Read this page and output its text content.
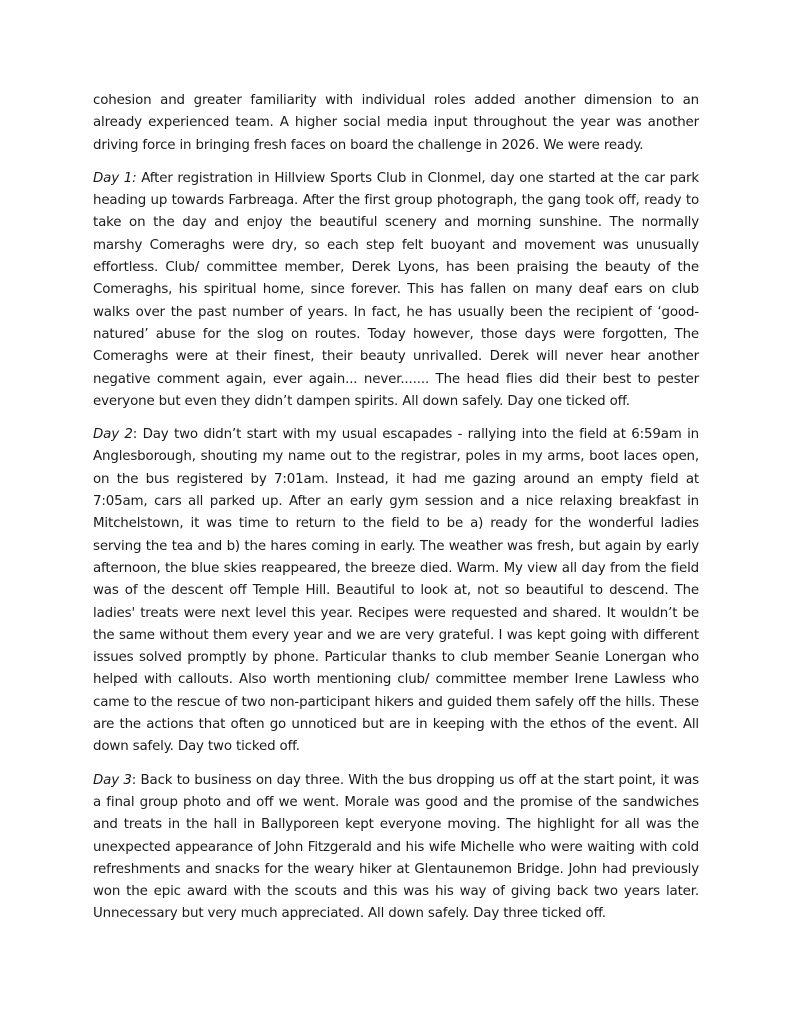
cohesion and greater familiarity with individual roles added another dimension to an already experienced team. A higher social media input throughout the year was another driving force in bringing fresh faces on board the challenge in 2026. We were ready.

Day 1: After registration in Hillview Sports Club in Clonmel, day one started at the car park heading up towards Farbreaga. After the first group photograph, the gang took off, ready to take on the day and enjoy the beautiful scenery and morning sunshine. The normally marshy Comeraghs were dry, so each step felt buoyant and movement was unusually effortless. Club/ committee member, Derek Lyons, has been praising the beauty of the Comeraghs, his spiritual home, since forever. This has fallen on many deaf ears on club walks over the past number of years. In fact, he has usually been the recipient of ‘good-natured’ abuse for the slog on routes. Today however, those days were forgotten, The Comeraghs were at their finest, their beauty unrivalled. Derek will never hear another negative comment again, ever again... never....... The head flies did their best to pester everyone but even they didn’t dampen spirits. All down safely. Day one ticked off.

Day 2: Day two didn’t start with my usual escapades - rallying into the field at 6:59am in Anglesborough, shouting my name out to the registrar, poles in my arms, boot laces open, on the bus registered by 7:01am. Instead, it had me gazing around an empty field at 7:05am, cars all parked up. After an early gym session and a nice relaxing breakfast in Mitchelstown, it was time to return to the field to be a) ready for the wonderful ladies serving the tea and b) the hares coming in early. The weather was fresh, but again by early afternoon, the blue skies reappeared, the breeze died. Warm. My view all day from the field was of the descent off Temple Hill. Beautiful to look at, not so beautiful to descend. The ladies' treats were next level this year. Recipes were requested and shared. It wouldn’t be the same without them every year and we are very grateful. I was kept going with different issues solved promptly by phone. Particular thanks to club member Seanie Lonergan who helped with callouts. Also worth mentioning club/ committee member Irene Lawless who came to the rescue of two non-participant hikers and guided them safely off the hills. These are the actions that often go unnoticed but are in keeping with the ethos of the event. All down safely. Day two ticked off.

Day 3: Back to business on day three. With the bus dropping us off at the start point, it was a final group photo and off we went. Morale was good and the promise of the sandwiches and treats in the hall in Ballyporeen kept everyone moving. The highlight for all was the unexpected appearance of John Fitzgerald and his wife Michelle who were waiting with cold refreshments and snacks for the weary hiker at Glentaunemon Bridge. John had previously won the epic award with the scouts and this was his way of giving back two years later. Unnecessary but very much appreciated. All down safely. Day three ticked off.
